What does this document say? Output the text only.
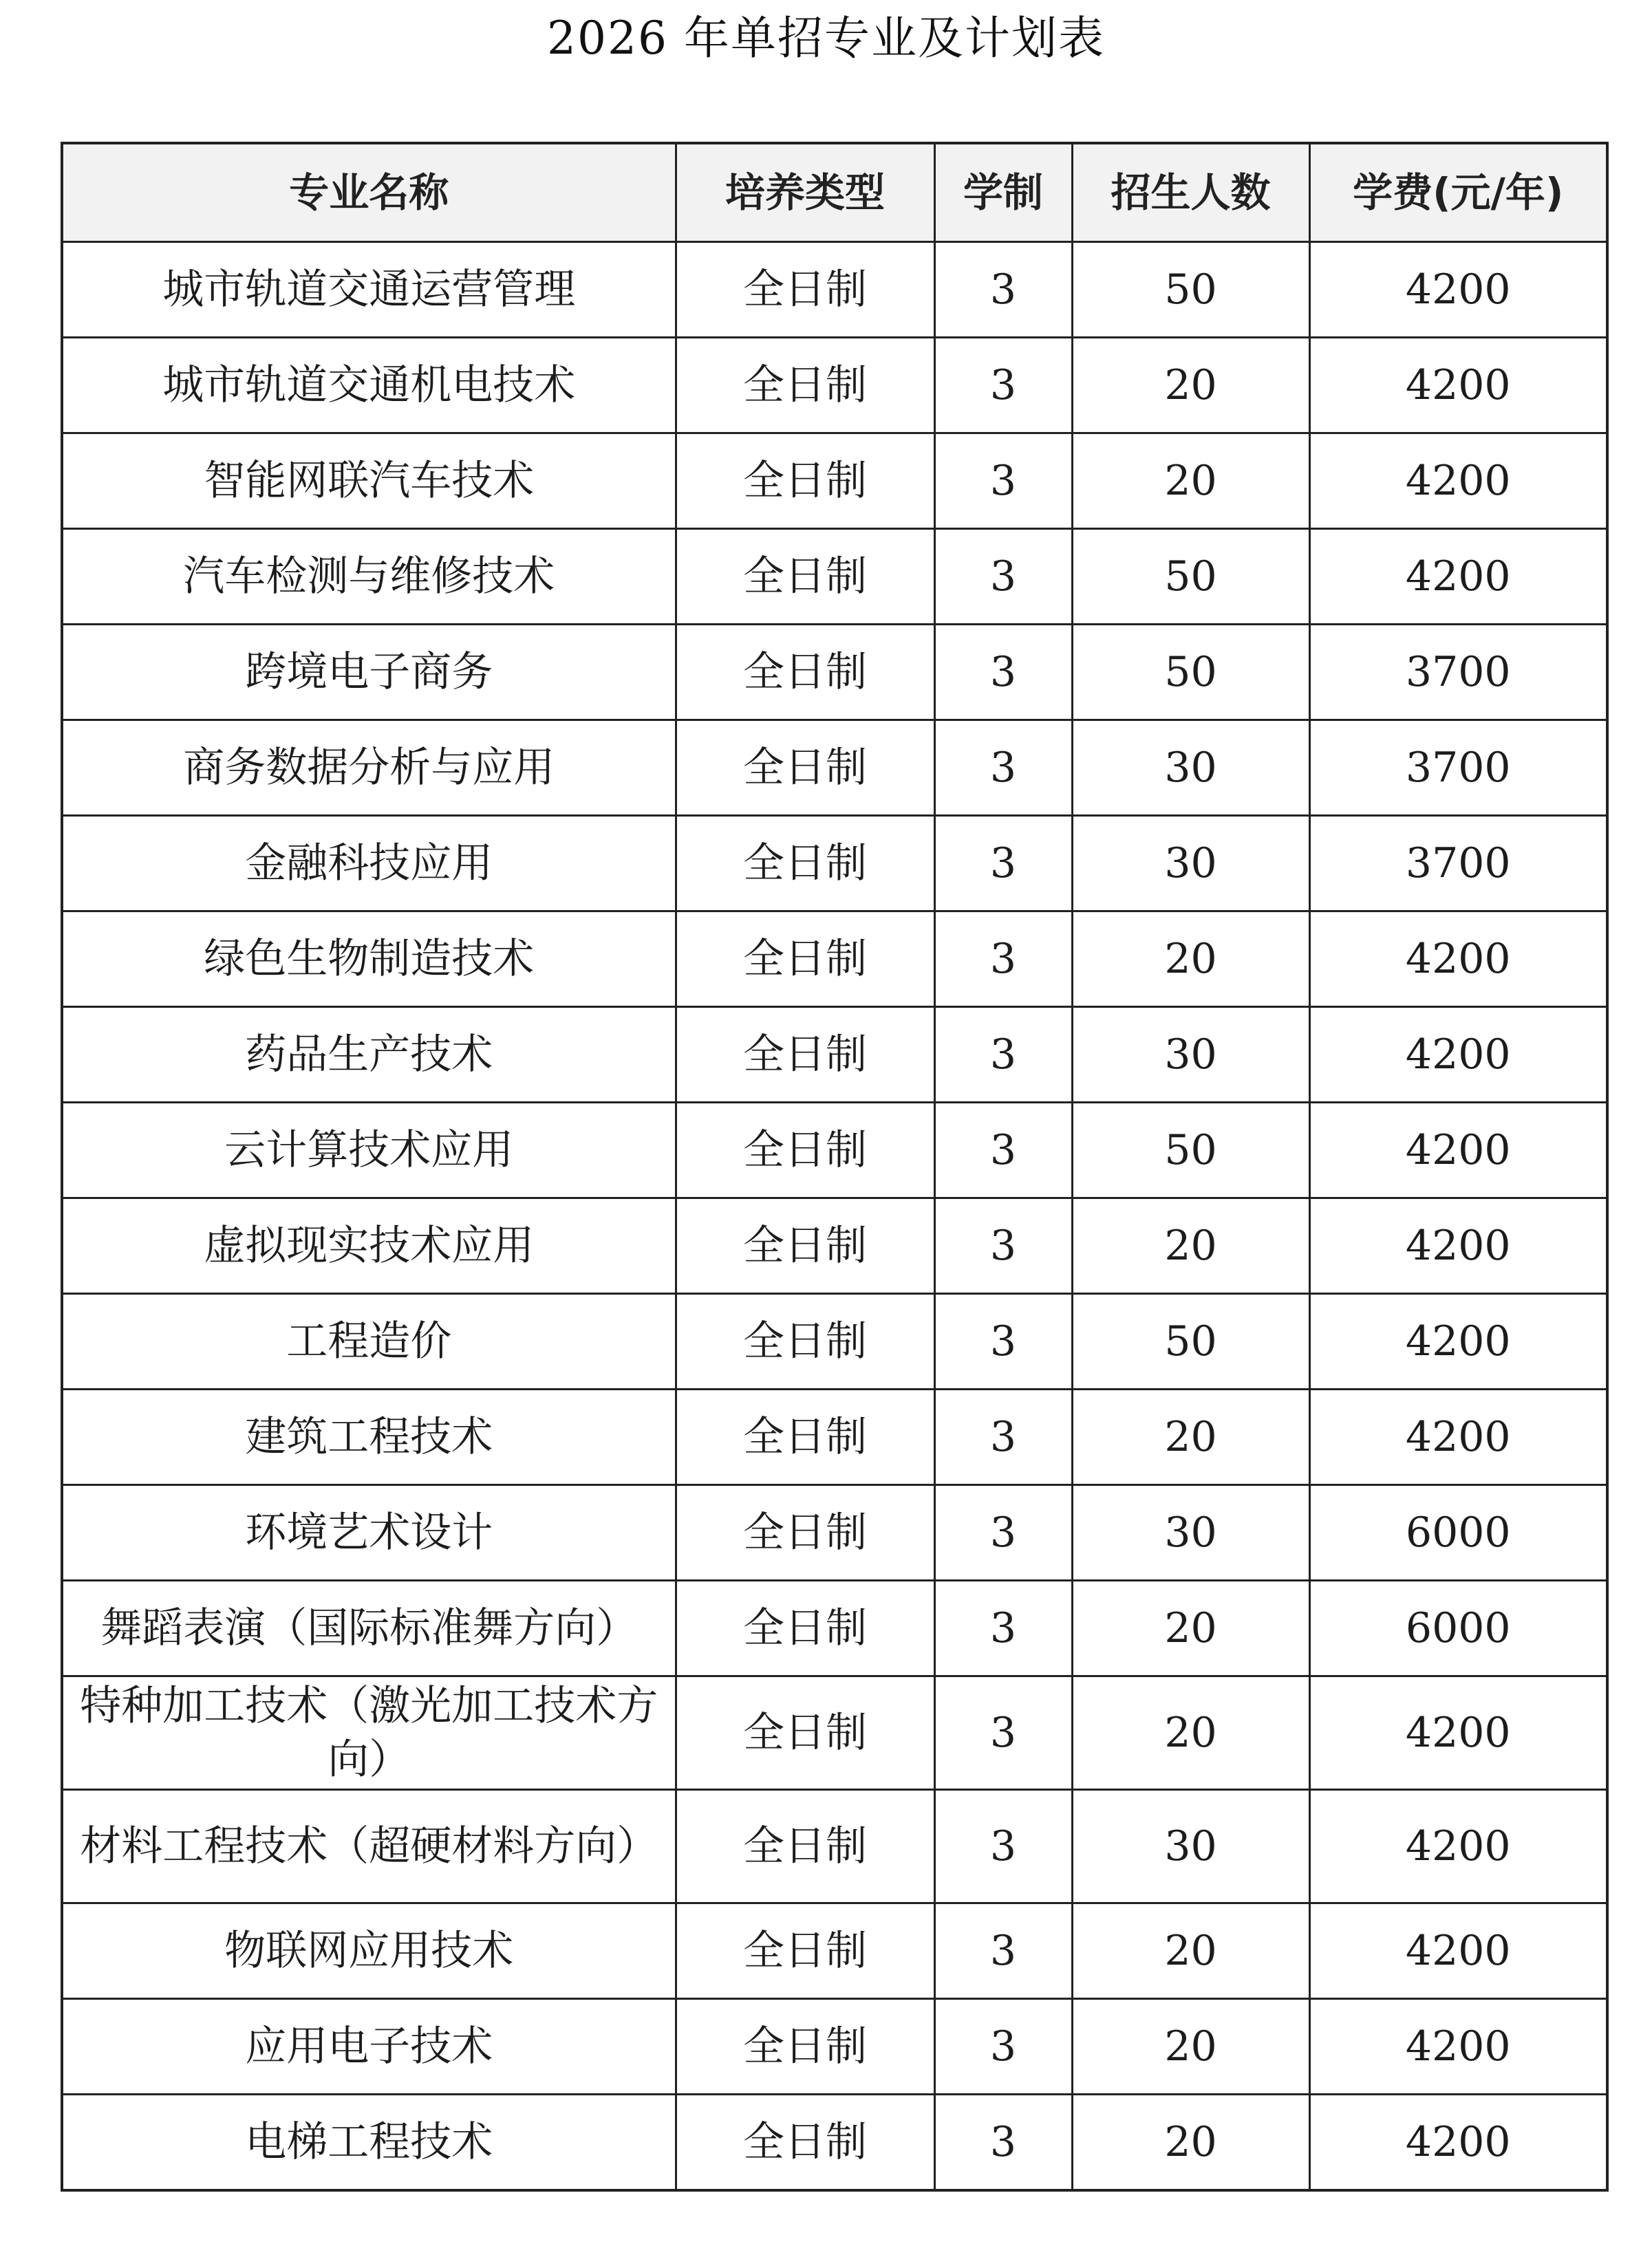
2026 年单招专业及计划表
专业名称	培养类型	学制	招生人数	学费(元/年)
城市轨道交通运营管理	全日制	3	50	4200
城市轨道交通机电技术	全日制	3	20	4200
智能网联汽车技术	全日制	3	20	4200
汽车检测与维修技术	全日制	3	50	4200
跨境电子商务	全日制	3	50	3700
商务数据分析与应用	全日制	3	30	3700
金融科技应用	全日制	3	30	3700
绿色生物制造技术	全日制	3	20	4200
药品生产技术	全日制	3	30	4200
云计算技术应用	全日制	3	50	4200
虚拟现实技术应用	全日制	3	20	4200
工程造价	全日制	3	50	4200
建筑工程技术	全日制	3	20	4200
环境艺术设计	全日制	3	30	6000
舞蹈表演（国际标准舞方向）	全日制	3	20	6000
特种加工技术（激光加工技术方向）	全日制	3	20	4200
材料工程技术（超硬材料方向）	全日制	3	30	4200
物联网应用技术	全日制	3	20	4200
应用电子技术	全日制	3	20	4200
电梯工程技术	全日制	3	20	4200
